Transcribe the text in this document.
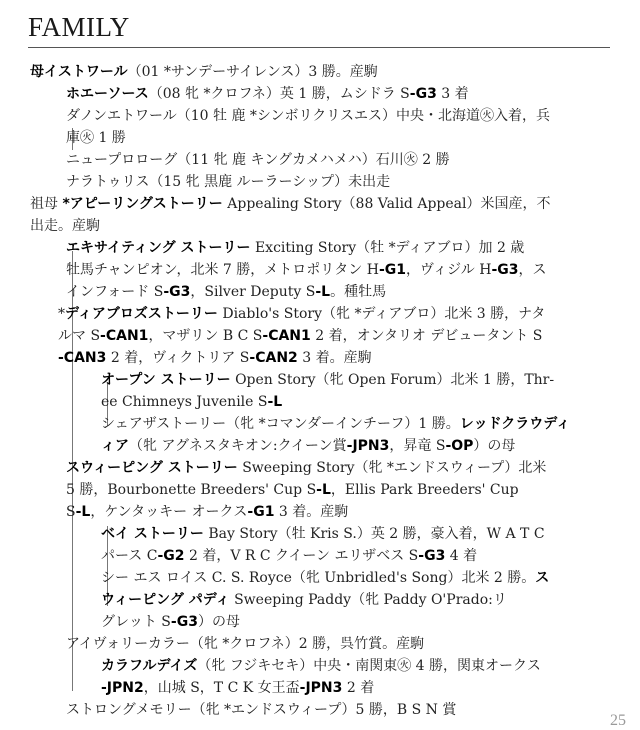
FAMILY
母イストワール（01 *サンデーサイレンス）3 勝。産駒
ホエーソース（08 牝 *クロフネ）英 1 勝，ムシドラ S-G3 3 着
ダノンエトワール（10 牡 鹿 *シンボリクリスエス）中央・北海道㊋入着，兵
庫㊋ 1 勝
ニュープロローグ（11 牝 鹿 キングカメハメハ）石川㊋ 2 勝
ナラトゥリス（15 牝 黒鹿 ルーラーシップ）未出走
祖母 *アピーリングストーリー Appealing Story（88 Valid Appeal）米国産，不
出走。産駒
エキサイティング ストーリー Exciting Story（牡 *ディアブロ）加 2 歳
牡馬チャンピオン，北米 7 勝，メトロポリタン H-G1，ヴィジル H-G3，ス
インフォード S-G3，Silver Deputy S-L。種牡馬
*ディアブロズストーリー Diablo's Story（牝 *ディアブロ）北米 3 勝，ナタ
ルマ S-CAN1，マザリン B C S-CAN1 2 着，オンタリオ デビュータント S
-CAN3 2 着，ヴィクトリア S-CAN2 3 着。産駒
オープン ストーリー Open Story（牝 Open Forum）北米 1 勝，Thr-
ee Chimneys Juvenile S-L
シェアザストーリー（牝 *コマンダーインチーフ）1 勝。レッドクラウディ
ィア（牝 アグネスタキオン:クイーン賞-JPN3，昇竜 S-OP）の母
スウィーピング ストーリー Sweeping Story（牝 *エンドスウィープ）北米
5 勝，Bourbonette Breeders' Cup S-L，Ellis Park Breeders' Cup
S-L，ケンタッキー オークス-G1 3 着。産駒
ベイ ストーリー Bay Story（牡 Kris S.）英 2 勝，豪入着，W A T C
パース C-G2 2 着，V R C クイーン エリザベス S-G3 4 着
シー エス ロイス C. S. Royce（牝 Unbridled's Song）北米 2 勝。ス
ウィーピング パディ Sweeping Paddy（牝 Paddy O'Prado:リ
グレット S-G3）の母
アイヴォリーカラー（牝 *クロフネ）2 勝，呉竹賞。産駒
カラフルデイズ（牝 フジキセキ）中央・南関東㊋ 4 勝，関東オークス
-JPN2，山城 S，T C K 女王盃-JPN3 2 着
ストロングメモリー（牝 *エンドスウィープ）5 勝，B S N 賞
25
